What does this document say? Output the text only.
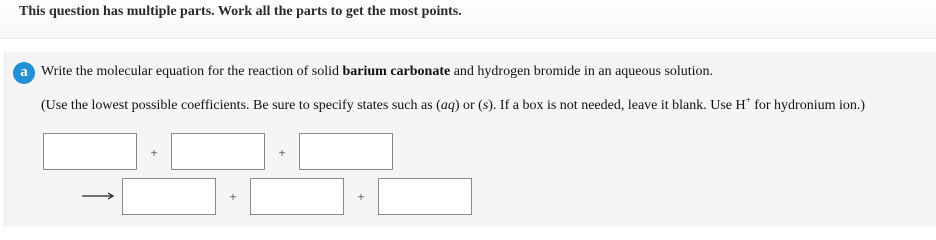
This question has multiple parts. Work all the parts to get the most points.
a Write the molecular equation for the reaction of solid barium carbonate and hydrogen bromide in an aqueous solution.
(Use the lowest possible coefficients. Be sure to specify states such as (aq) or (s). If a box is not needed, leave it blank. Use H+ for hydronium ion.)
+	+
+	+
